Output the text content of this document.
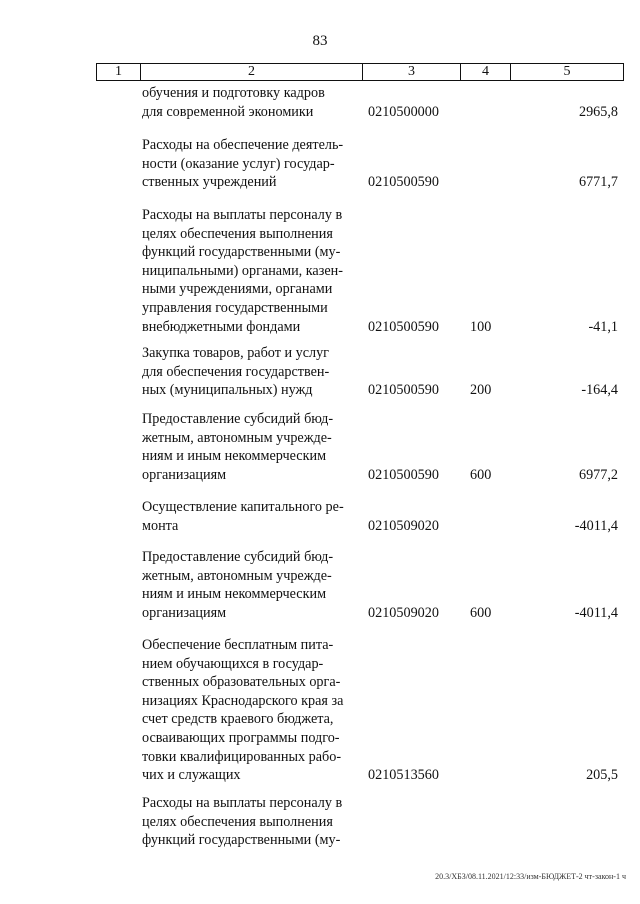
83
1	2	3	4	5
обучения и подготовку кадров
для современной экономики	0210500000	2965,8
Расходы на обеспечение деятель-
ности (оказание услуг) государ-
ственных учреждений	0210500590	6771,7
Расходы на выплаты персоналу в
целях обеспечения выполнения
функций государственными (му-
ниципальными) органами, казен-
ными учреждениями, органами
управления государственными
внебюджетными фондами	0210500590 100	-41,1
Закупка товаров, работ и услуг
для обеспечения государствен-
ных (муниципальных) нужд	0210500590 200	-164,4
Предоставление субсидий бюд-
жетным, автономным учрежде-
ниям и иным некоммерческим
организациям	0210500590 600	6977,2
Осуществление капитального ре-
монта	0210509020	-4011,4
Предоставление субсидий бюд-
жетным, автономным учрежде-
ниям и иным некоммерческим
организациям	0210509020 600	-4011,4
Обеспечение бесплатным пита-
нием обучающихся в государ-
ственных образовательных орга-
низациях Краснодарского края за
счет средств краевого бюджета,
осваивающих программы подго-
товки квалифицированных рабо-
чих и служащих	0210513560	205,5
Расходы на выплаты персоналу в
целях обеспечения выполнения
функций государственными (му-
20.3/ХБЗ/08.11.2021/12:33/изм-БЮДЖЕТ-2 чт-закон-1 ч
